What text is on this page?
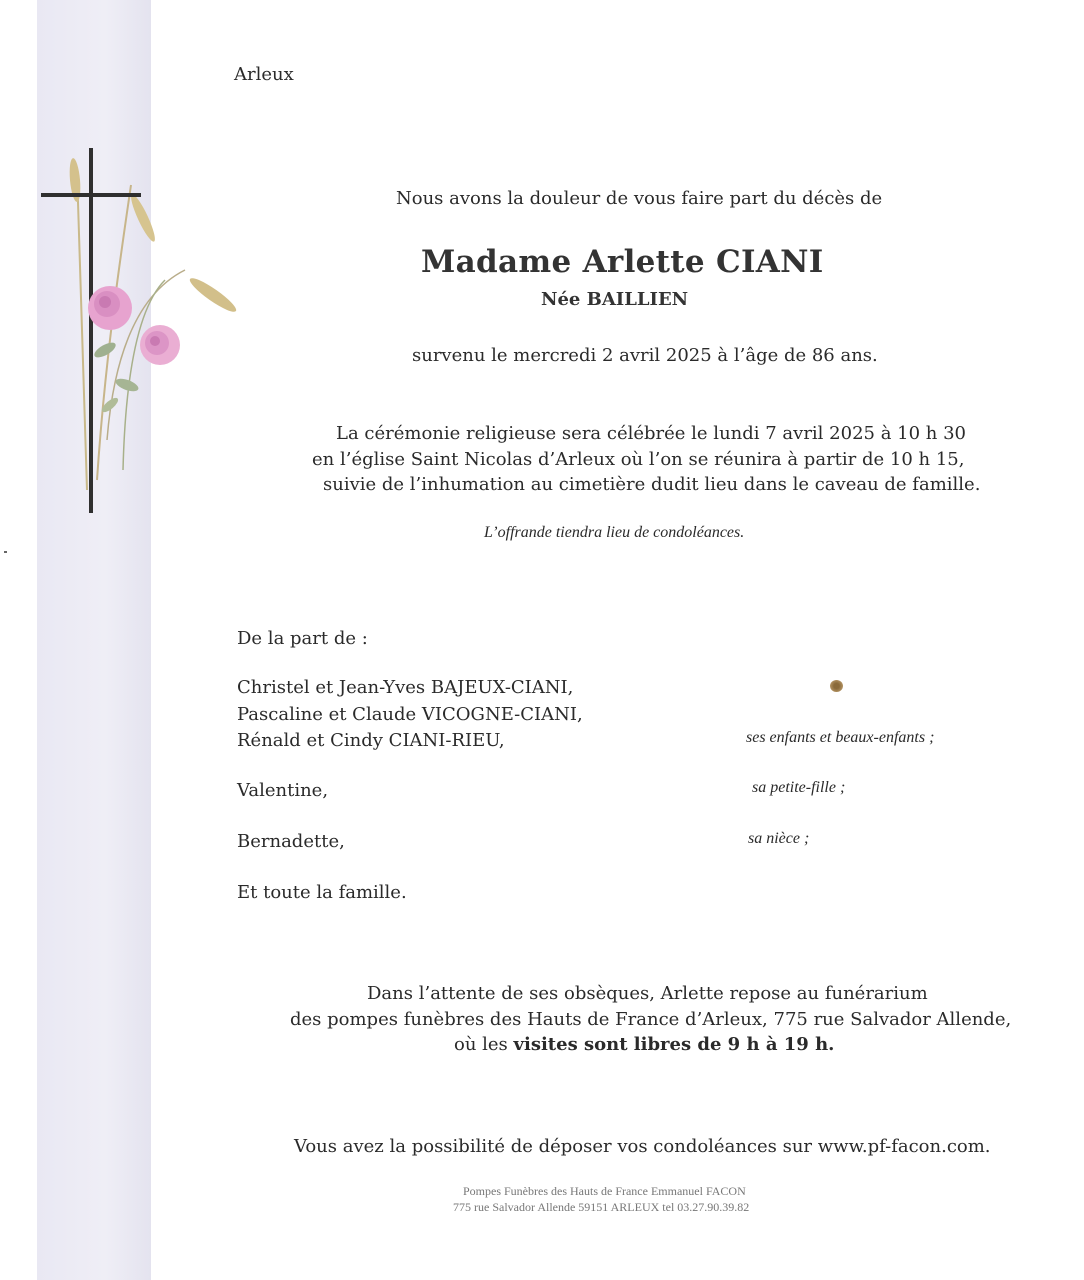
Arleux
Nous avons la douleur de vous faire part du décès de
Madame Arlette CIANI
Née BAILLIEN
survenu le mercredi 2 avril 2025 à l’âge de 86 ans.
La cérémonie religieuse sera célébrée le lundi 7 avril 2025 à 10 h 30
en l’église Saint Nicolas d’Arleux où l’on se réunira à partir de 10 h 15,
suivie de l’inhumation au cimetière dudit lieu dans le caveau de famille.
L’offrande tiendra lieu de condoléances.
De la part de :
Christel et Jean-Yves BAJEUX-CIANI,
Pascaline et Claude VICOGNE-CIANI,
Rénald et Cindy CIANI-RIEU,	ses enfants et beaux-enfants ;
Valentine,	sa petite-fille ;
Bernadette,	sa nièce ;
Et toute la famille.
Dans l’attente de ses obsèques, Arlette repose au funérarium
des pompes funèbres des Hauts de France d’Arleux, 775 rue Salvador Allende,
où les visites sont libres de 9 h à 19 h.
Vous avez la possibilité de déposer vos condoléances sur www.pf-facon.com.
Pompes Funèbres des Hauts de France Emmanuel FACON
775 rue Salvador Allende 59151 ARLEUX tel 03.27.90.39.82
